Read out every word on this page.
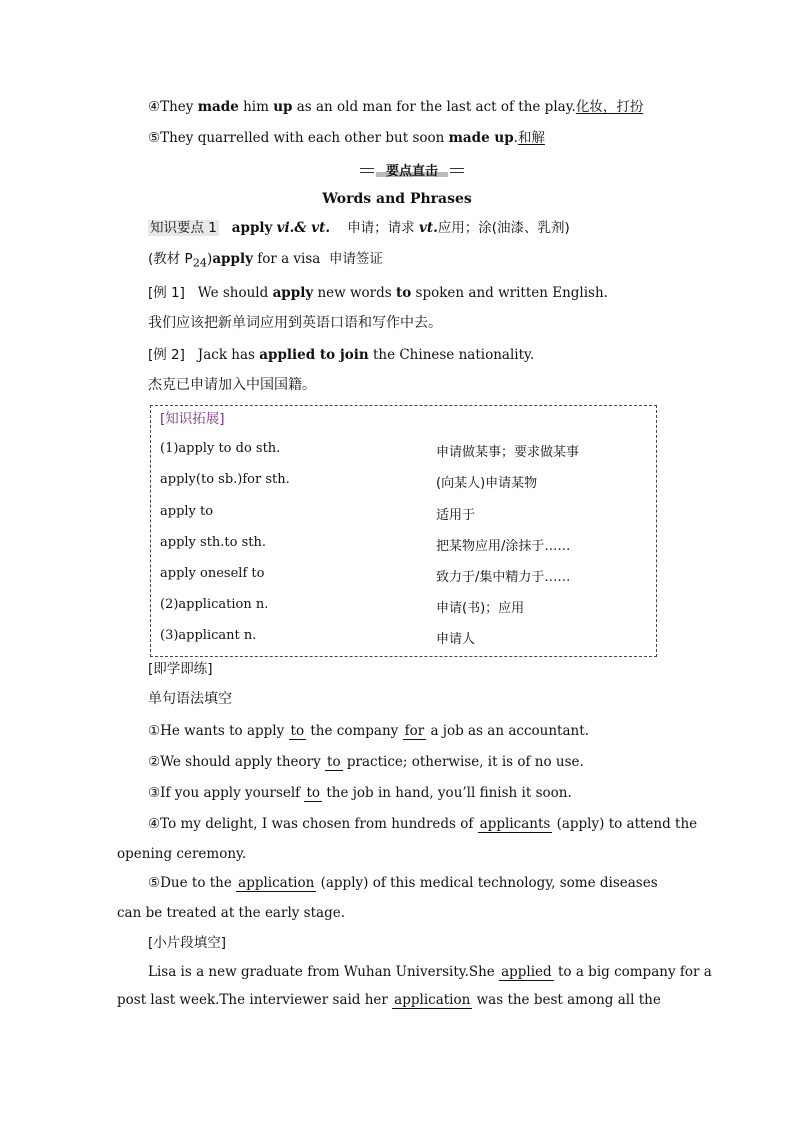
④They made him up as an old man for the last act of the play.化妆，打扮
⑤They quarrelled with each other but soon made up.和解
要点直击
Words and Phrases
知识要点 1 apply vi.& vt. 申请；请求 vt.应用；涂(油漆、乳剂)
(教材 $P_{24})apply$ for a visa 申请签证
[例 1] We should apply new words to spoken and written English.
我们应该把新单词应用到英语口语和写作中去。
[例 2] Jack has applied to join the Chinese nationality.
杰克已申请加入中国国籍。
[知识拓展]
(1)apply to do sth.	申请做某事；要求做某事
apply(to sb.)for sth.	(向某人)申请某物
apply to	适用于
apply sth.to sth.	把某物应用/涂抹于……
apply oneself to	致力于/集中精力于……
(2)application n.	申请(书)；应用
(3)applicant n.	申请人
[即学即练]
单句语法填空
①He wants to apply to the company for a job as an accountant.
②We should apply theory to practice; otherwise, it is of no use.
③If you apply yourself to the job in hand, you’ll finish it soon.
④To my delight, I was chosen from hundreds of applicants (apply) to attend the
opening ceremony.
⑤Due to the application (apply) of this medical technology, some diseases
can be treated at the early stage.
[小片段填空]
Lisa is a new graduate from Wuhan University.She applied to a big company for a
post last week.The interviewer said her application was the best among all the
